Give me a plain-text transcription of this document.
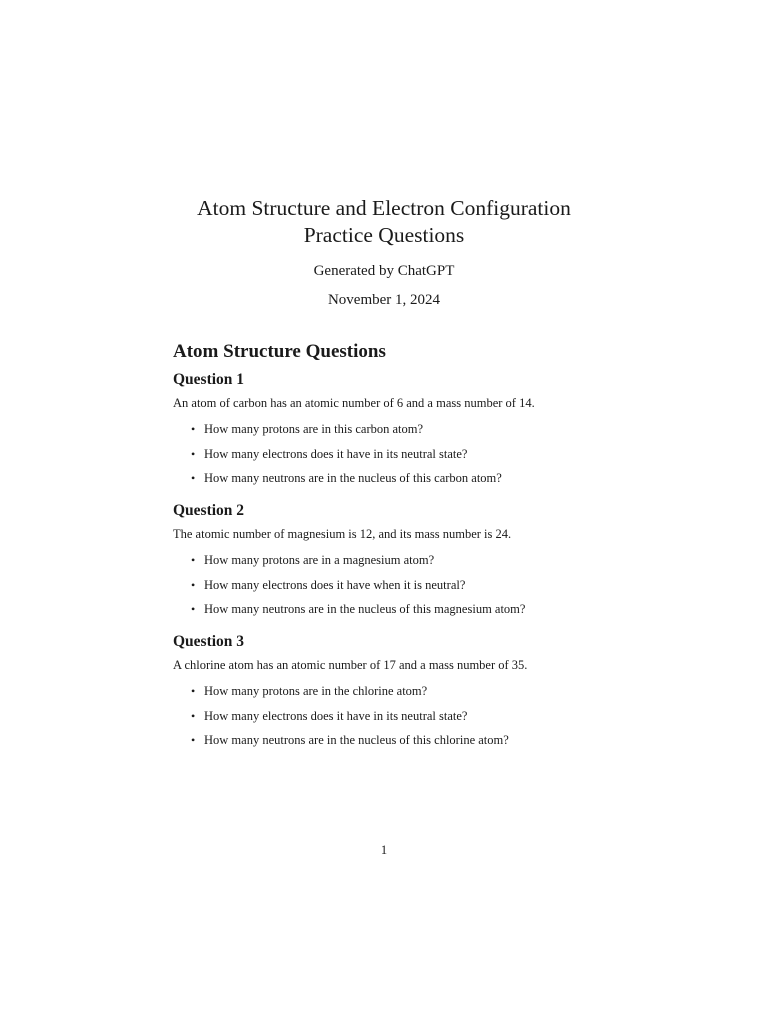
Atom Structure and Electron Configuration
Practice Questions
Generated by ChatGPT
November 1, 2024
Atom Structure Questions
Question 1

An atom of carbon has an atomic number of 6 and a mass number of 14.

• How many protons are in this carbon atom?
• How many electrons does it have in its neutral state?
• How many neutrons are in the nucleus of this carbon atom?
Question 2

The atomic number of magnesium is 12, and its mass number is 24.

• How many protons are in a magnesium atom?
• How many electrons does it have when it is neutral?
• How many neutrons are in the nucleus of this magnesium atom?
Question 3

A chlorine atom has an atomic number of 17 and a mass number of 35.

• How many protons are in the chlorine atom?
• How many electrons does it have in its neutral state?
• How many neutrons are in the nucleus of this chlorine atom?
1
